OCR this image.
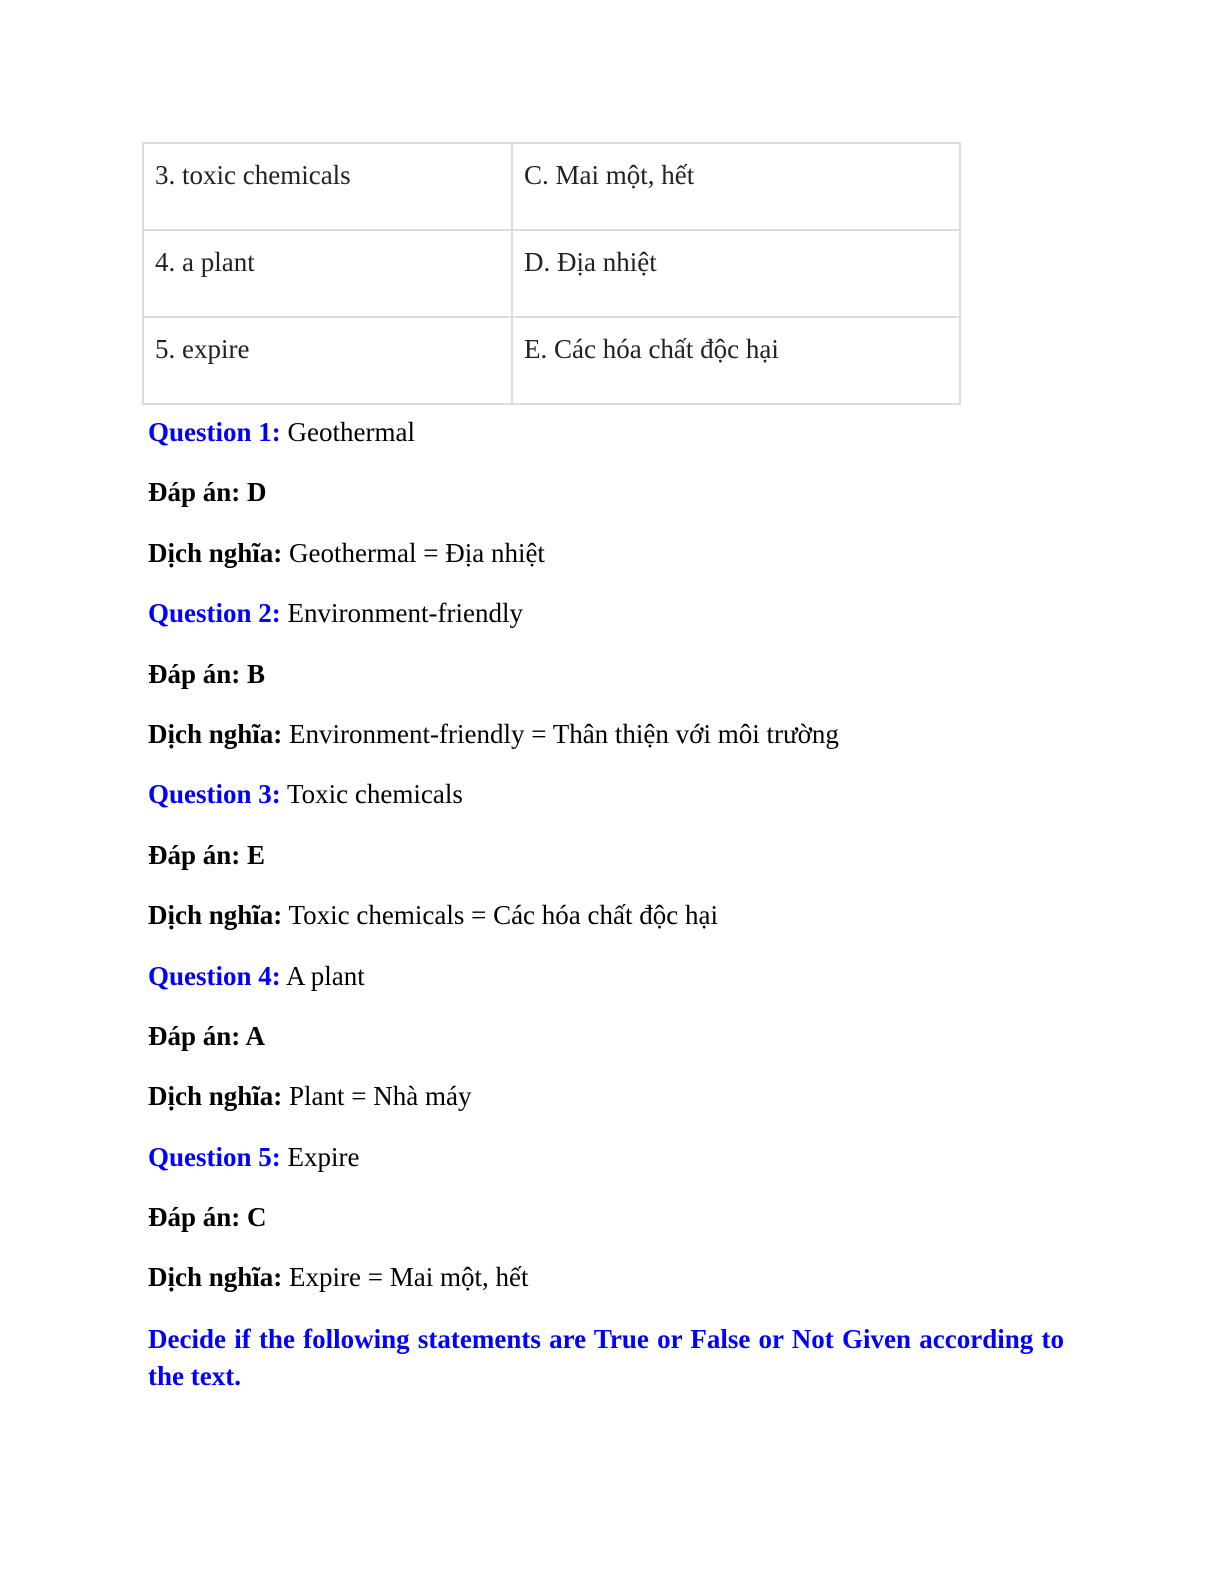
3. toxic chemicals	C. Mai một, hết
4. a plant	D. Địa nhiệt
5. expire	E. Các hóa chất độc hại
Question 1: Geothermal
Đáp án: D
Dịch nghĩa: Geothermal = Địa nhiệt
Question 2: Environment-friendly
Đáp án: B
Dịch nghĩa: Environment-friendly = Thân thiện với môi trường
Question 3: Toxic chemicals
Đáp án: E
Dịch nghĩa: Toxic chemicals = Các hóa chất độc hại
Question 4: A plant
Đáp án: A
Dịch nghĩa: Plant = Nhà máy
Question 5: Expire
Đáp án: C
Dịch nghĩa: Expire = Mai một, hết

Decide if the following statements are True or False or Not Given according to the text.
